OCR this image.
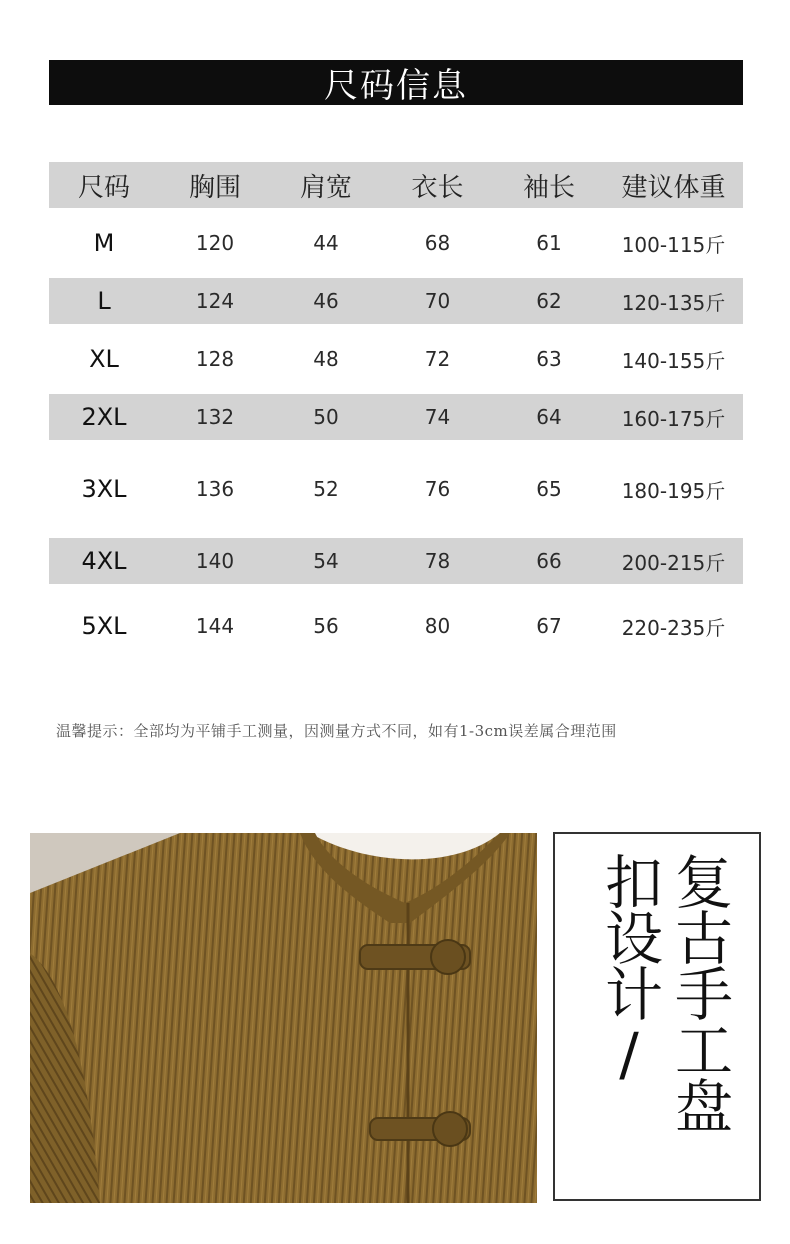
尺码信息
尺码	胸围	肩宽	衣长	袖长	建议体重
M	120	44	68	61	100-115斤
L	124	46	70	62	120-135斤
XL	128	48	72	63	140-155斤
2XL	132	50	74	64	160-175斤
3XL	136	52	76	65	180-195斤
4XL	140	54	78	66	200-215斤
5XL	144	56	80	67	220-235斤
温馨提示：全部均为平铺手工测量，因测量方式不同，如有1-3cm误差属合理范围
复古手工盘
扣设计/
